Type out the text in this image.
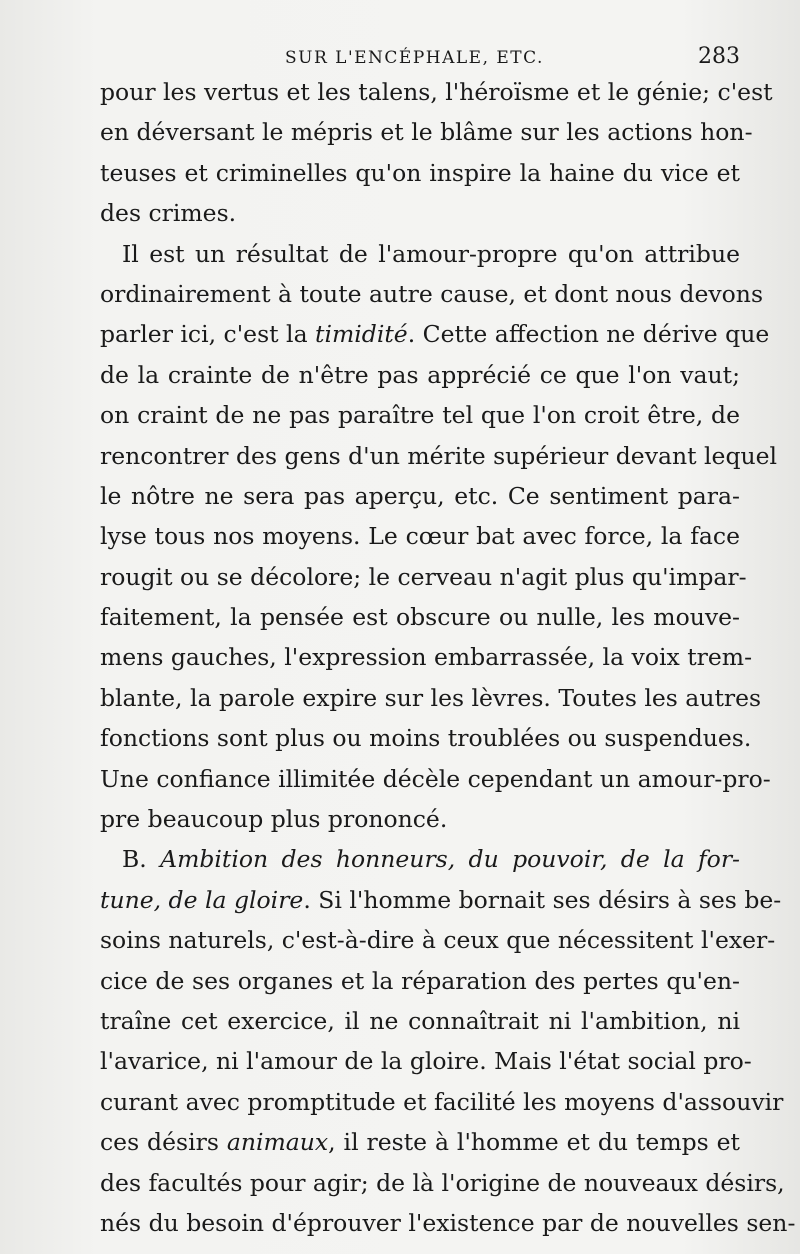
SUR L'ENCÉPHALE, ETC.	283
pour les vertus et les talens, l'héroïsme et le génie; c'est
en déversant le mépris et le blâme sur les actions hon-
teuses et criminelles qu'on inspire la haine du vice et
des crimes.
Il est un résultat de l'amour-propre qu'on attribue
ordinairement à toute autre cause, et dont nous devons
parler ici, c'est la timidité. Cette affection ne dérive que
de la crainte de n'être pas apprécié ce que l'on vaut;
on craint de ne pas paraître tel que l'on croit être, de
rencontrer des gens d'un mérite supérieur devant lequel
le nôtre ne sera pas aperçu, etc. Ce sentiment para-
lyse tous nos moyens. Le cœur bat avec force, la face
rougit ou se décolore; le cerveau n'agit plus qu'impar-
faitement, la pensée est obscure ou nulle, les mouve-
mens gauches, l'expression embarrassée, la voix trem-
blante, la parole expire sur les lèvres. Toutes les autres
fonctions sont plus ou moins troublées ou suspendues.
Une confiance illimitée décèle cependant un amour-pro-
pre beaucoup plus prononcé.
B. Ambition des honneurs, du pouvoir, de la for-
tune, de la gloire. Si l'homme bornait ses désirs à ses be-
soins naturels, c'est-à-dire à ceux que nécessitent l'exer-
cice de ses organes et la réparation des pertes qu'en-
traîne cet exercice, il ne connaîtrait ni l'ambition, ni
l'avarice, ni l'amour de la gloire. Mais l'état social pro-
curant avec promptitude et facilité les moyens d'assouvir
ces désirs animaux, il reste à l'homme et du temps et
des facultés pour agir; de là l'origine de nouveaux désirs,
nés du besoin d'éprouver l'existence par de nouvelles sen-
